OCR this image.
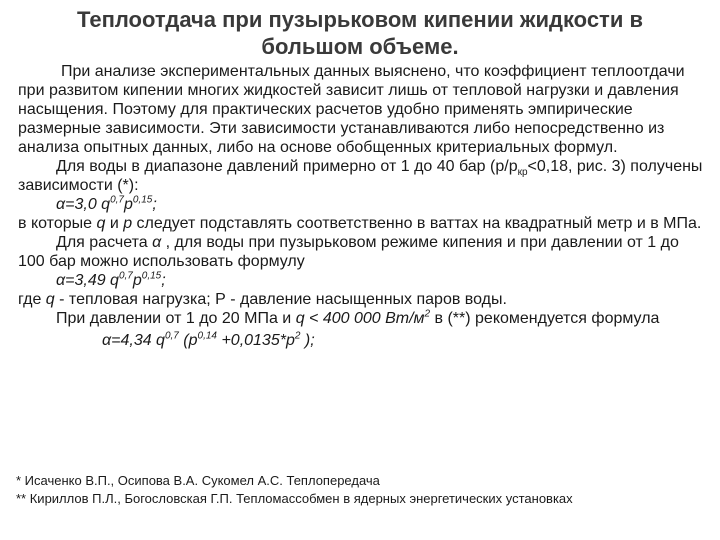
Теплоотдача при пузырьковом кипении жидкости в
большом объеме.

При анализе экспериментальных данных выяснено, что коэффициент теплоотдачи при развитом кипении многих жидкостей зависит лишь от тепловой нагрузки и давления насыщения. Поэтому для практических расчетов удобно применять эмпирические размерные зависимости. Эти зависимости устанавливаются либо непосредственно из анализа опытных данных, либо на основе обобщенных критериальных формул.

Для воды в диапазоне давлений примерно от 1 до 40 бар ($p/p_{кр}<0,18$, рис. 3) получены зависимости (*):

α=3,0 $q^{0,7}p^{0,15}$;

в которые q и p следует подставлять соответственно в ваттах на квадратный метр и в МПа.

Для расчета α , для воды при пузырьковом режиме кипения и при давлении от 1 до 100 бар можно использовать формулу

α=3,49 $q^{0,7}p^{0,15}$;

где q - тепловая нагрузка; Р - давление насыщенных паров воды.

При давлении от 1 до 20 МПа и q < 400 000 $Вт/м^2$ в (**) рекомендуется формула

α=4,34 $q^{0,7}$ ($p^{0,14} +0,0135*p^2$ );

* Исаченко В.П., Осипова В.А. Сукомел А.С. Теплопередача

** Кириллов П.Л., Богословская Г.П. Тепломассобмен в ядерных энергетических установках
